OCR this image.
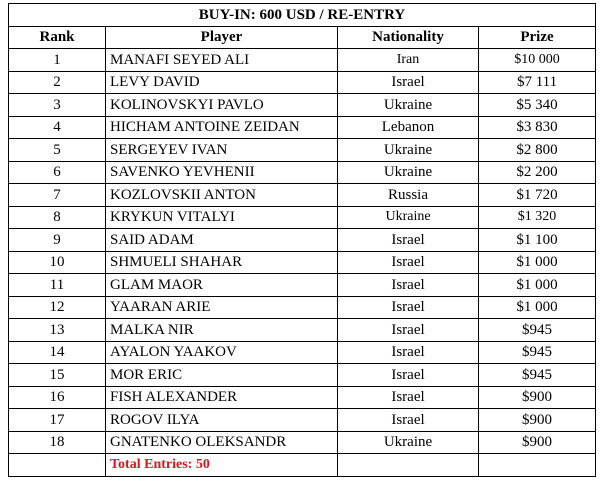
BUY-IN: 600 USD / RE-ENTRY			
Rank	Player	Nationality	Prize
1	MANAFI SEYED ALI	Iran	$10 000
2	LEVY DAVID	Israel	$7 111
3	KOLINOVSKYI PAVLO	Ukraine	$5 340
4	HICHAM ANTOINE ZEIDAN	Lebanon	$3 830
5	SERGEYEV IVAN	Ukraine	$2 800
6	SAVENKO YEVHENII	Ukraine	$2 200
7	KOZLOVSKII ANTON	Russia	$1 720
8	KRYKUN VITALYI	Ukraine	$1 320
9	SAID ADAM	Israel	$1 100
10	SHMUELI SHAHAR	Israel	$1 000
11	GLAM MAOR	Israel	$1 000
12	YAARAN ARIE	Israel	$1 000
13	MALKA NIR	Israel	$945
14	AYALON YAAKOV	Israel	$945
15	MOR ERIC	Israel	$945
16	FISH ALEXANDER	Israel	$900
17	ROGOV ILYA	Israel	$900
18	GNATENKO OLEKSANDR	Ukraine	$900
	Total Entries: 50		
